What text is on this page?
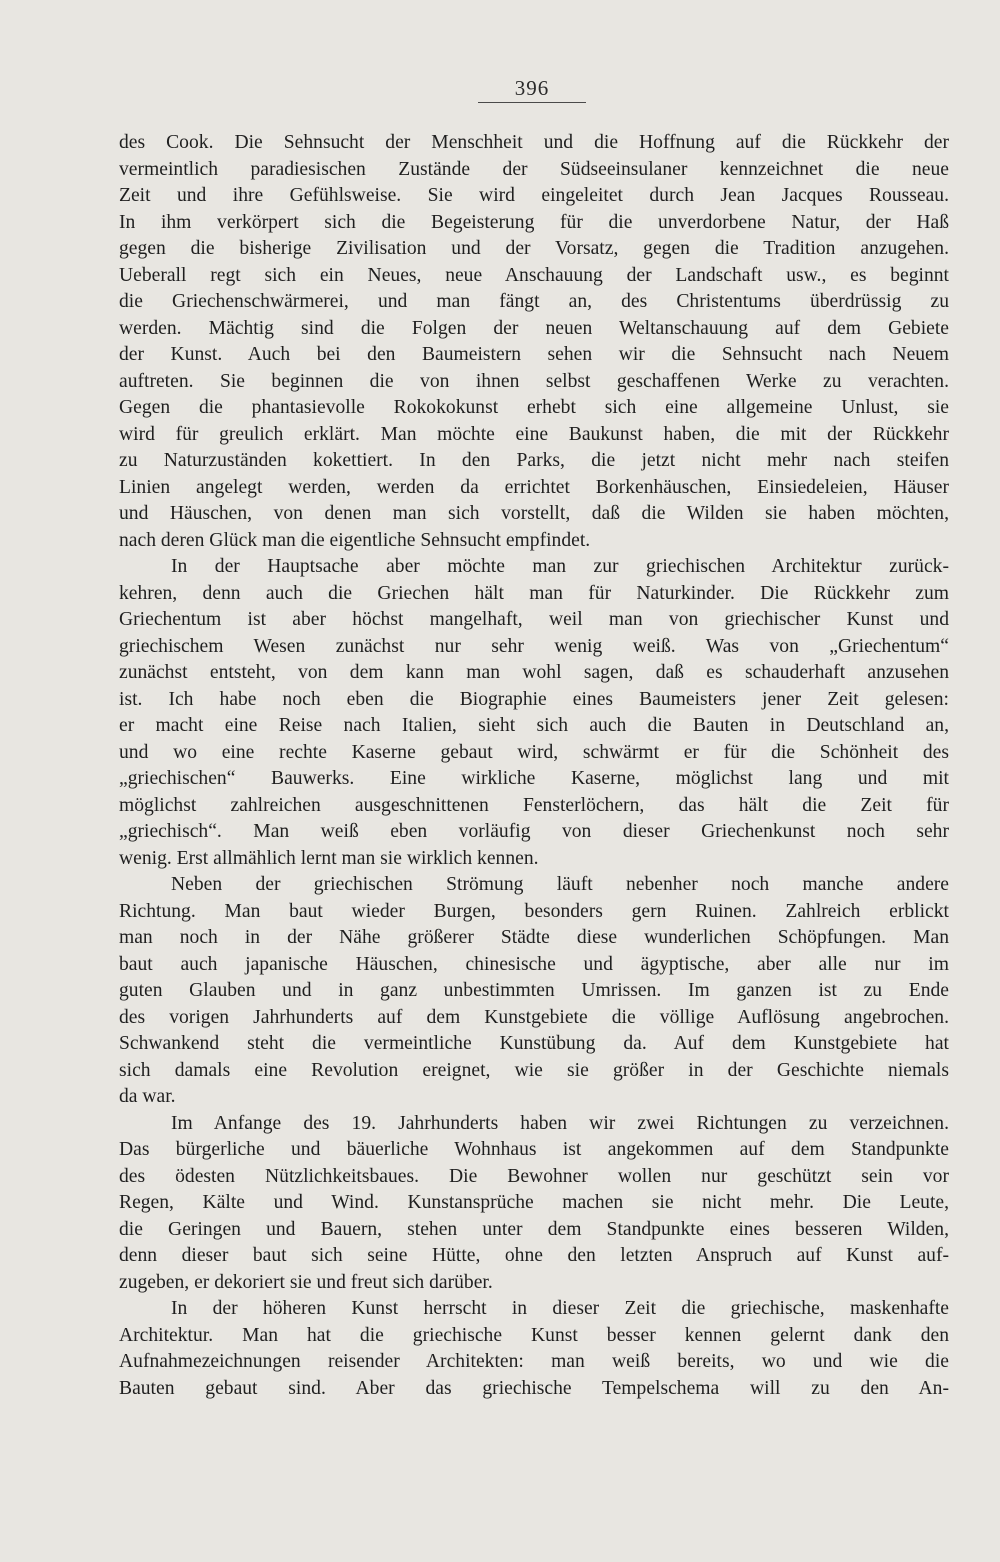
396
des Cook. Die Sehnsucht der Menschheit und die Hoffnung auf die Rückkehr der
vermeintlich paradiesischen Zustände der Südseeinsulaner kennzeichnet die neue
Zeit und ihre Gefühlsweise. Sie wird eingeleitet durch Jean Jacques Rousseau.
In ihm verkörpert sich die Begeisterung für die unverdorbene Natur, der Haß
gegen die bisherige Zivilisation und der Vorsatz, gegen die Tradition anzugehen.
Ueberall regt sich ein Neues, neue Anschauung der Landschaft usw., es beginnt
die Griechenschwärmerei, und man fängt an, des Christentums überdrüssig zu
werden. Mächtig sind die Folgen der neuen Weltanschauung auf dem Gebiete
der Kunst. Auch bei den Baumeistern sehen wir die Sehnsucht nach Neuem
auftreten. Sie beginnen die von ihnen selbst geschaffenen Werke zu verachten.
Gegen die phantasievolle Rokokokunst erhebt sich eine allgemeine Unlust, sie
wird für greulich erklärt. Man möchte eine Baukunst haben, die mit der Rückkehr
zu Naturzuständen kokettiert. In den Parks, die jetzt nicht mehr nach steifen
Linien angelegt werden, werden da errichtet Borkenhäuschen, Einsiedeleien, Häuser
und Häuschen, von denen man sich vorstellt, daß die Wilden sie haben möchten,
nach deren Glück man die eigentliche Sehnsucht empfindet.
In der Hauptsache aber möchte man zur griechischen Architektur zurück-
kehren, denn auch die Griechen hält man für Naturkinder. Die Rückkehr zum
Griechentum ist aber höchst mangelhaft, weil man von griechischer Kunst und
griechischem Wesen zunächst nur sehr wenig weiß. Was von „Griechentum“
zunächst entsteht, von dem kann man wohl sagen, daß es schauderhaft anzusehen
ist. Ich habe noch eben die Biographie eines Baumeisters jener Zeit gelesen:
er macht eine Reise nach Italien, sieht sich auch die Bauten in Deutschland an,
und wo eine rechte Kaserne gebaut wird, schwärmt er für die Schönheit des
„griechischen“ Bauwerks. Eine wirkliche Kaserne, möglichst lang und mit
möglichst zahlreichen ausgeschnittenen Fensterlöchern, das hält die Zeit für
„griechisch“. Man weiß eben vorläufig von dieser Griechenkunst noch sehr
wenig. Erst allmählich lernt man sie wirklich kennen.
Neben der griechischen Strömung läuft nebenher noch manche andere
Richtung. Man baut wieder Burgen, besonders gern Ruinen. Zahlreich erblickt
man noch in der Nähe größerer Städte diese wunderlichen Schöpfungen. Man
baut auch japanische Häuschen, chinesische und ägyptische, aber alle nur im
guten Glauben und in ganz unbestimmten Umrissen. Im ganzen ist zu Ende
des vorigen Jahrhunderts auf dem Kunstgebiete die völlige Auflösung angebrochen.
Schwankend steht die vermeintliche Kunstübung da. Auf dem Kunstgebiete hat
sich damals eine Revolution ereignet, wie sie größer in der Geschichte niemals
da war.
Im Anfange des 19. Jahrhunderts haben wir zwei Richtungen zu verzeichnen.
Das bürgerliche und bäuerliche Wohnhaus ist angekommen auf dem Standpunkte
des ödesten Nützlichkeitsbaues. Die Bewohner wollen nur geschützt sein vor
Regen, Kälte und Wind. Kunstansprüche machen sie nicht mehr. Die Leute,
die Geringen und Bauern, stehen unter dem Standpunkte eines besseren Wilden,
denn dieser baut sich seine Hütte, ohne den letzten Anspruch auf Kunst auf-
zugeben, er dekoriert sie und freut sich darüber.
In der höheren Kunst herrscht in dieser Zeit die griechische, maskenhafte
Architektur. Man hat die griechische Kunst besser kennen gelernt dank den
Aufnahmezeichnungen reisender Architekten: man weiß bereits, wo und wie die
Bauten gebaut sind. Aber das griechische Tempelschema will zu den An-
